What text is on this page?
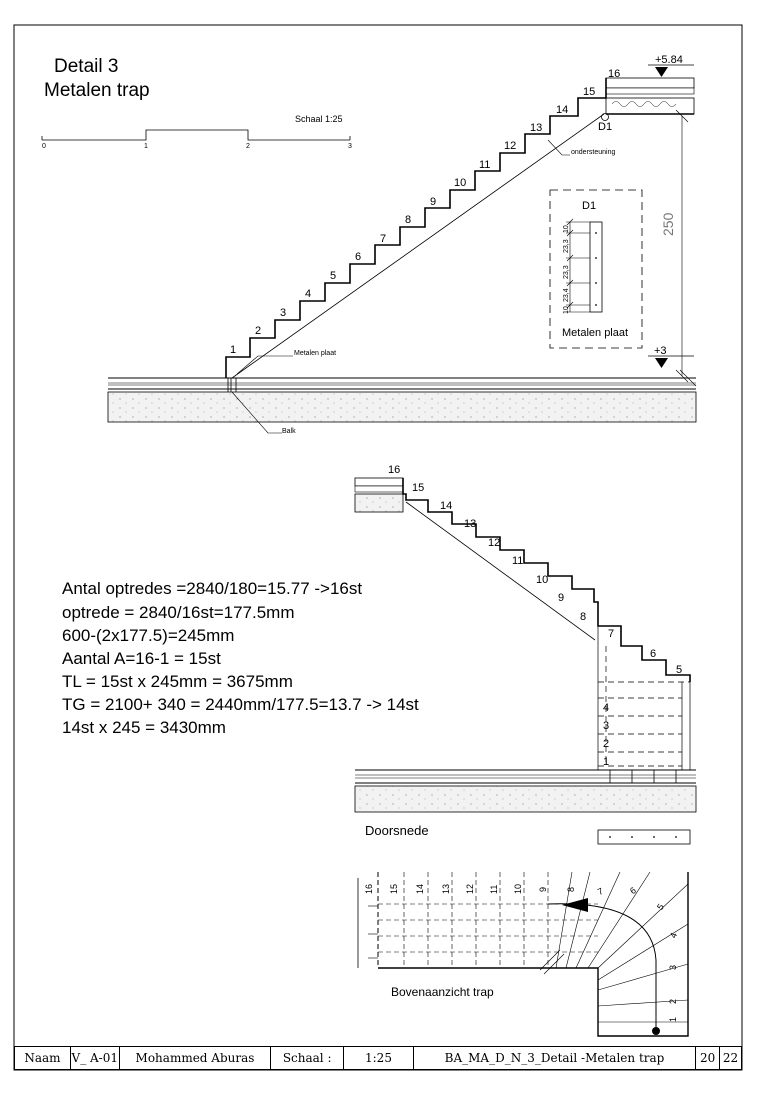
Detail 3
Metalen trap
Schaal 1:25
0	1	2	3
1
2
3
4
5
6
7
8
9
10
11
12
13
14
15
16
+5.84
+3
D1
ondersteuning
Metalen plaat
Balk
250
D1
Metalen plaat
10
23,3
23,3
23,4
10
1
2
3
4
5
6
7
8
9
10
11
12
13
14
15
16
Doorsnede
Antal optredes =2840/180=15.77 ->16st
optrede = 2840/16st=177.5mm
600-(2x177.5)=245mm
Aantal A=16-1 = 15st
TL = 15st x 245mm = 3675mm
TG = 2100+ 340 = 2440mm/177.5=13.7 -> 14st
14st x 245 = 3430mm
1
2
3
4
5
6
7
8
9
10
11
12
13
14
15
16
Bovenaanzicht trap
Naam V_ A-01	Mohammed Aburas	Schaal :	1:25	BA_MA_D_N_3_Detail -Metalen trap	20 22
